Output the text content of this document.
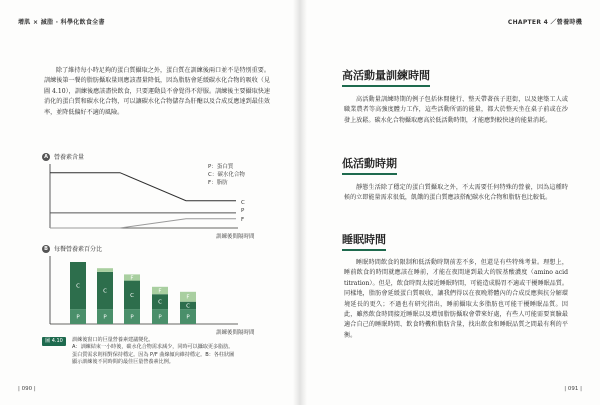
增肌 × 減脂 · 科學化飲食全書

除了維持每小時足夠的蛋白質攝取之外，蛋白質在訓練後兩口並不是特別重要。訓練後第一餐的脂肪攝取量則應該盡量降低，因為脂肪會延緩碳水化合物的吸收（見圖 4.10），訓練後應該盡快飲食，只要運動員不會覺得不舒服。訓練後主要攝取快速消化的蛋白質和碳水化合物，可以讓碳水化合物儲存為肝醣以及合成反應達到最佳效率，並降低偏好不適的風險。

A	營養素含量
P：蛋白質
C：碳水化合物
F：脂肪
C
P
F
訓練後間隔時間
P
C
P
C
P
C
F
P
C
F
P
C
F
訓練後間隔時間
B	每餐營養素百分比
圖 4.10	訓練後窗口的巨量營養素建議變化。
A：訓練結束一小時後，碳水化合物需求減少，同時可以攝取更多脂肪。
蛋白質需求則相對保持穩定。因為 P/F 曲線傾向維持穩定。B：各柱狀圖
顯示訓練後不同時間的最佳巨量營養素比例。
| 090 |
CHAPTER 4 ／營養時機
高活動量訓練時間

高活動量訓練時期的例子包括休閒健行、整天帶著孩子逛街，以及建築工人或職業農者等高強度體力工作，這些活動所需的能量，都大於整天坐在桌子前或在沙發上放鬆。碳水化合物攝取應高於低活動時期，才能應對較快速的能量消耗。

低活動時期

靜態生活除了穩定的蛋白質攝取之外，不太需要任何特殊的營養，因為這種時候的立即能量需求很低，飢餓的蛋白質應該搭配碳水化合物和脂肪也比較低。

睡眠時間

睡眠時間飲食的限制和低活動時期前差不多，但還是有些特殊考量。理想上，睡前飲食的時間就應該在睡前，才能在夜間達到最大的胺基酸濃度（amino acid titration）。但是，飲食時間太接近睡眠時間，可能造成腸胃不適或干擾睡眠品質。同樣地，脂肪會延緩蛋白質吸收，讓我們得以在夜晚將體內的合成反應與抗分解環境延長的更久；不過也有研究指出，睡前攝取太多脂肪也可能干擾睡眠品質。因此，雖然飲食時間接近睡眠以及增加脂肪攝取會帶來好處，有些人可能需要實驗最適合自己的睡眠時間、飲食時機和脂肪含量，找出飲食和睡眠品質之間最有利的平衡。

| 091 |
